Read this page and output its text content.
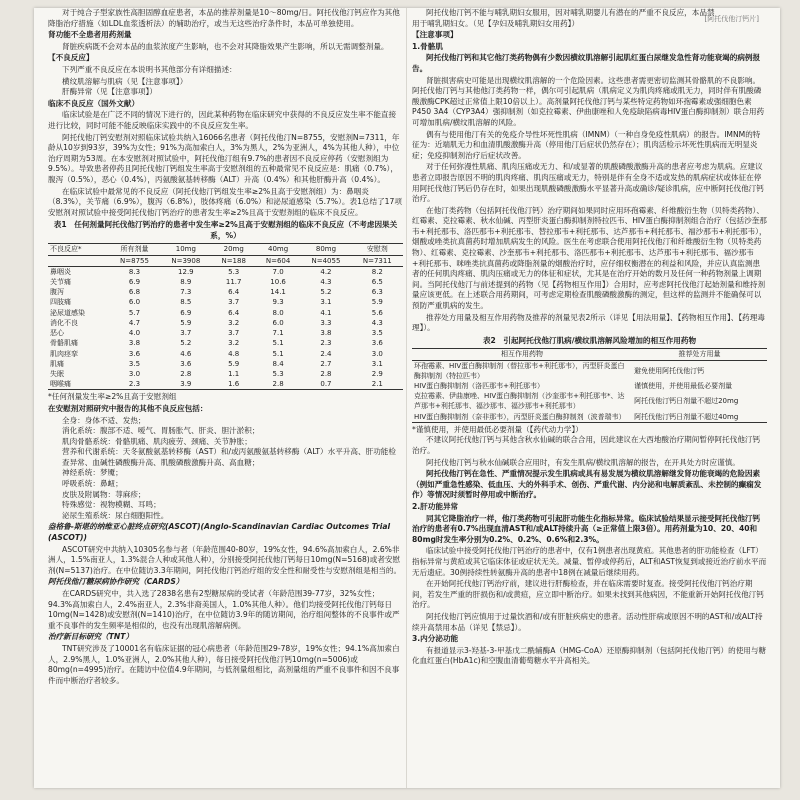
对于纯合子型家族性高胆固醇血症患者，本品的推荐剂量是10～80mg/日。阿托伐他汀钙应作为其他降脂治疗措施（如LDL血浆透析法）的辅助治疗，或当无这些治疗条件时，本品可单独使用。

肾功能不全患者用药剂量

肾脏疾病既不会对本品的血浆浓度产生影响，也不会对其降脂效果产生影响，所以无需调整剂量。

【不良反应】

下列严重不良反应在本说明书其他部分有详细描述：

横纹肌溶解与肌病（见【注意事项】）
肝酶异常（见【注意事项】）
临床不良反应（国外文献）

临床试验是在广泛不同的情况下进行的，因此某种药物在临床研究中获得的不良反应发生率不能直接进行比较，同时可能不能反映临床实践中的不良反应发生率。

阿托伐他汀钙安慰剂对照临床试验共纳入16066名患者（阿托伐他汀N=8755，安慰剂N=7311，年龄从10岁到93岁，39%为女性；91%为高加索白人，3%为黑人，2%为亚洲人，4%为其他人种），中位治疗周期为53周。在本安慰剂对照试验中，阿托伐他汀组有9.7%的患者因不良反应停药（安慰剂组为9.5%）。导致患者停药且阿托伐他汀钙组发生率高于安慰剂组的五种最常见不良反应是：肌痛（0.7%），腹泻（0.5%），恶心（0.4%），丙氨酸氨基转移酶（ALT）升高（0.4%）和其他肝酶升高（0.4%）。

在临床试验中最常见的不良反应（阿托伐他汀钙组发生率≥2%且高于安慰剂组）为：鼻咽炎（8.3%），关节痛（6.9%），腹泻（6.8%），肢体疼痛（6.0%）和泌尿道感染（5.7%）。表1总结了17项安慰剂对照试验中接受阿托伐他汀钙治疗的患者发生率≥2%且高于安慰剂组的临床不良反应。

表1　任何剂量阿托伐他汀钙治疗的患者中发生率≥2%且高于安慰剂组的临床不良反应（不考虑因果关系，%）
不良反应*	所有剂量	10mg	20mg	40mg	80mg	安慰剂
	N=8755	N=3908	N=188	N=604	N=4055	N=7311
鼻咽炎	8.3	12.9	5.3	7.0	4.2	8.2
关节痛	6.9	8.9	11.7	10.6	4.3	6.5
腹泻	6.8	7.3	6.4	14.1	5.2	6.3
四肢痛	6.0	8.5	3.7	9.3	3.1	5.9
泌尿道感染	5.7	6.9	6.4	8.0	4.1	5.6
消化不良	4.7	5.9	3.2	6.0	3.3	4.3
恶心	4.0	3.7	3.7	7.1	3.8	3.5
骨骼肌痛	3.8	5.2	3.2	5.1	2.3	3.6
肌肉痉挛	3.6	4.6	4.8	5.1	2.4	3.0
肌痛	3.5	3.6	5.9	8.4	2.7	3.1
失眠	3.0	2.8	1.1	5.3	2.8	2.9
咽喉痛	2.3	3.9	1.6	2.8	0.7	2.1
*任何剂量发生率≥2%且高于安慰剂组
在安慰剂对照研究中报告的其他不良反应包括：
全身：身体不适、发热；
消化系统：腹部不适、嗳气、胃肠胀气、肝炎、胆汁淤积；
肌肉骨骼系统：骨骼肌痛、肌肉疲劳、颈痛、关节肿胀；
营养和代谢系统：天冬氨酸氨基转移酶（AST）和/或丙氨酸氨基转移酶（ALT）水平升高、肝功能检查异常、血碱性磷酸酶升高、肌酸磷酸激酶升高、高血糖；
神经系统：梦魇；
呼吸系统：鼻衄；
皮肤及附属物：荨麻疹；
特殊感觉：视物模糊、耳鸣；
泌尿生殖系统：尿白细胞阳性。
盎格鲁-斯堪的纳维亚心脏终点研究(ASCOT)(Anglo-Scandinavian Cardiac Outcomes Trial (ASCOT))

ASCOT研究中共纳入10305名参与者（年龄范围40-80岁，19%女性，94.6%高加索白人，2.6%非洲人，1.5%南亚人，1.3%混合人种或其他人种），分别接受阿托伐他汀钙每日10mg(N=5168)或者安慰剂(N=5137)治疗。在中位随访3.3年期间，阿托伐他汀钙治疗组的安全性和耐受性与安慰剂组是相当的。

阿托伐他汀糖尿病协作研究（CARDS）

在CARDS研究中，共入选了2838名患有2型糖尿病的受试者（年龄范围39-77岁，32%女性；94.3%高加索白人，2.4%南亚人，2.3%非裔美国人，1.0%其他人种）。他们均接受阿托伐他汀钙每日10mg(N=1428)或安慰剂(N=1410)治疗，在中位随访3.9年的随访期间，治疗组间整体的不良事件或严重不良事件的发生频率是相似的，也没有出现肌溶解病例。

治疗新目标研究（TNT）

TNT研究涉及了10001名有临床证据的冠心病患者（年龄范围29-78岁，19%女性；94.1%高加索白人，2.9%黑人，1.0%亚洲人，2.0%其他人种），每日接受阿托伐他汀钙10mg(n=5006)或80mg(n=4995)治疗。在随访中位值4.9年期间，与低剂量组相比，高剂量组的严重不良事件和因不良事件而中断治疗者较多。

[阿托伐他汀钙片]

阿托伐他汀钙不能与哺乳期妇女服用，因对哺乳期婴儿有潜在的严重不良反应，本品禁用于哺乳期妇女。（见【孕妇及哺乳期妇女用药】）

【注意事项】
1.骨骼肌

阿托伐他汀钙和其它他汀类药物偶有少数因横纹肌溶解引起肌红蛋白尿继发急性肾功能衰竭的病例报告。

肾脏损害病史可能是出现横纹肌溶解的一个危险因素。这些患者需更密切监测其骨骼肌的不良影响。阿托伐他汀钙与其他他汀类药物一样，偶尔可引起肌病（肌病定义为肌肉疼痛或肌无力，同时伴有肌酸磷酸激酶CPK超过正常值上限10倍以上）。高剂量阿托伐他汀钙与某些特定药物如环孢霉素或强细胞色素P450 3A4（CYP3A4）强抑制剂（如克拉霉素、伊曲康唑和人免疫缺陷病毒HIV蛋白酶抑制剂）联合用药可增加肌病/横纹肌溶解的风险。

偶有与使用他汀有关的免疫介导性坏死性肌病（IMNM）（一种自身免疫性肌病）的报告。IMNM的特征为：近端肌无力和血清肌酸激酶升高（停用他汀后症状仍然存在）；肌肉活检示坏死性肌病而无明显炎症；免疫抑制剂治疗后症状改善。

对于任何弥漫性肌痛、肌肉压痛或无力、和/或显著的肌酸磷酸激酶升高的患者应考虑为肌病。应建议患者立即报告原因不明的肌肉疼痛、肌肉压痛或无力，特别是伴有全身不适或发热的肌病症状或体征在停用阿托伐他汀钙后仍存在时，如果出现肌酸磷酸激酶水平显著升高或确诊/疑诊肌病，应中断阿托伐他汀钙治疗。

在他汀类药物（包括阿托伐他汀钙）治疗期间如果同时应用环孢霉素、纤维酸衍生物（贝特类药物）、红霉素、克拉霉素、秋水仙碱、丙型肝炎蛋白酶抑制剂特拉匹韦、HIV蛋白酶抑制剂组合治疗（包括沙奎那韦+利托那韦、洛匹那韦+利托那韦、替拉那韦+利托那韦、达芦那韦+利托那韦、福沙那韦+利托那韦），烟酸或唑类抗真菌药时增加肌病发生的风险。医生在考虑联合使用阿托伐他汀和纤维酸衍生物（贝特类药物）、红霉素、克拉霉素、沙奎那韦+利托那韦、洛匹那韦+利托那韦、达芦那韦+利托那韦、福沙那韦+利托那韦、咪唑类抗真菌药或降脂剂量的烟酸治疗时，应仔细权衡潜在的利益和风险，并应认真监测患者的任何肌肉疼痛、肌肉压痛或无力的体征和症状，尤其是在治疗开始的数月及任何一种药物剂量上调期间。当阿托伐他汀与前述提到的药物（见【药物相互作用】）合用时，应考虑阿托伐他汀起始剂量和维持剂量应该更低。在上述联合用药期间，可考虑定期检查肌酸磷酸激酶的测定，但这样的监测并不能确保可以预防严重肌病的发生。

推荐处方用量及相互作用药物及推荐的剂量见表2所示（详见【用法用量】、【药物相互作用】、【药理毒理】）。

表2　引起阿托伐他汀肌病/横纹肌溶解风险增加的相互作用药物
相互作用药物	推荐处方用量
环孢霉素、HIV蛋白酶抑制剂（替拉那韦+利托那韦），丙型肝炎蛋白酶抑制剂（特拉匹韦）	避免使用阿托伐他汀钙
HIV蛋白酶抑制剂（洛匹那韦+利托那韦）	谨慎使用，并使用最低必要剂量
克拉霉素、伊曲康唑、HIV蛋白酶抑制剂（沙奎那韦+利托那韦*、达芦那韦+利托那韦、福沙那韦、福沙那韦+利托那韦）	阿托伐他汀钙日剂量不超过20mg
HIV蛋白酶抑制剂（奈非那韦），丙型肝炎蛋白酶抑制剂（波普瑞韦）	阿托伐他汀钙日剂量不超过40mg
*谨慎使用，并使用最低必要剂量（【药代动力学】）

不建议阿托伐他汀钙与其他含秋水仙碱的联合合用，因此建议在大西地酸治疗期间暂停阿托伐他汀钙治疗。

阿托伐他汀钙与秋水仙碱联合应用时，有发生肌病/横纹肌溶解的报告，在开具处方时应谨慎。

阿托伐他汀钙在急性、严重情况提示发生肌病或具有易发展为横纹肌溶解继发肾功能衰竭的危险因素（例如严重急性感染、低血压、大的外科手术、创伤、严重代谢、内分泌和电解质紊乱、未控制的癫痫发作）等情况时须暂时停用或中断治疗。

2.肝功能异常

同其它降脂治疗一样，他汀类药物可引起肝功能生化指标异常。临床试验结果显示接受阿托伐他汀钙治疗的患者有0.7%出现血清AST和/或ALT持续升高（≥正常值上限3倍）。用药剂量为10、20、40和80mg时发生率分别为0.2%、0.2%、0.6%和2.3%。

临床试验中接受阿托伐他汀钙治疗的患者中，仅有1例患者出现黄疸。其他患者的肝功能检查（LFT）指标异常与黄疸或其它临床体征或症状无关。减量、暂停或停药后，ALT和AST恢复到或接近治疗前水平而无后遗症。30例持续性转氨酶升高的患者中18例在减量后继续用药。

在开始阿托伐他汀钙治疗前，建议进行肝酶检查，并在临床需要时复查。接受阿托伐他汀钙治疗期间，若发生严重的肝损伤和/或黄疸，应立即中断治疗。如果未找到其他病因，不能重新开始阿托伐他汀钙治疗。

阿托伐他汀钙应慎用于过量饮酒和/或有肝脏疾病史的患者。活动性肝病或原因不明的AST和/或ALT持续升高禁用本品（详见【禁忌】）。

3.内分泌功能

有报道显示3-羟基-3-甲基戊二酰辅酶A（HMG-CoA）还原酶抑制剂（包括阿托伐他汀钙）的使用与糖化血红蛋白(HbA1c)和空腹血清葡萄糖水平升高相关。
